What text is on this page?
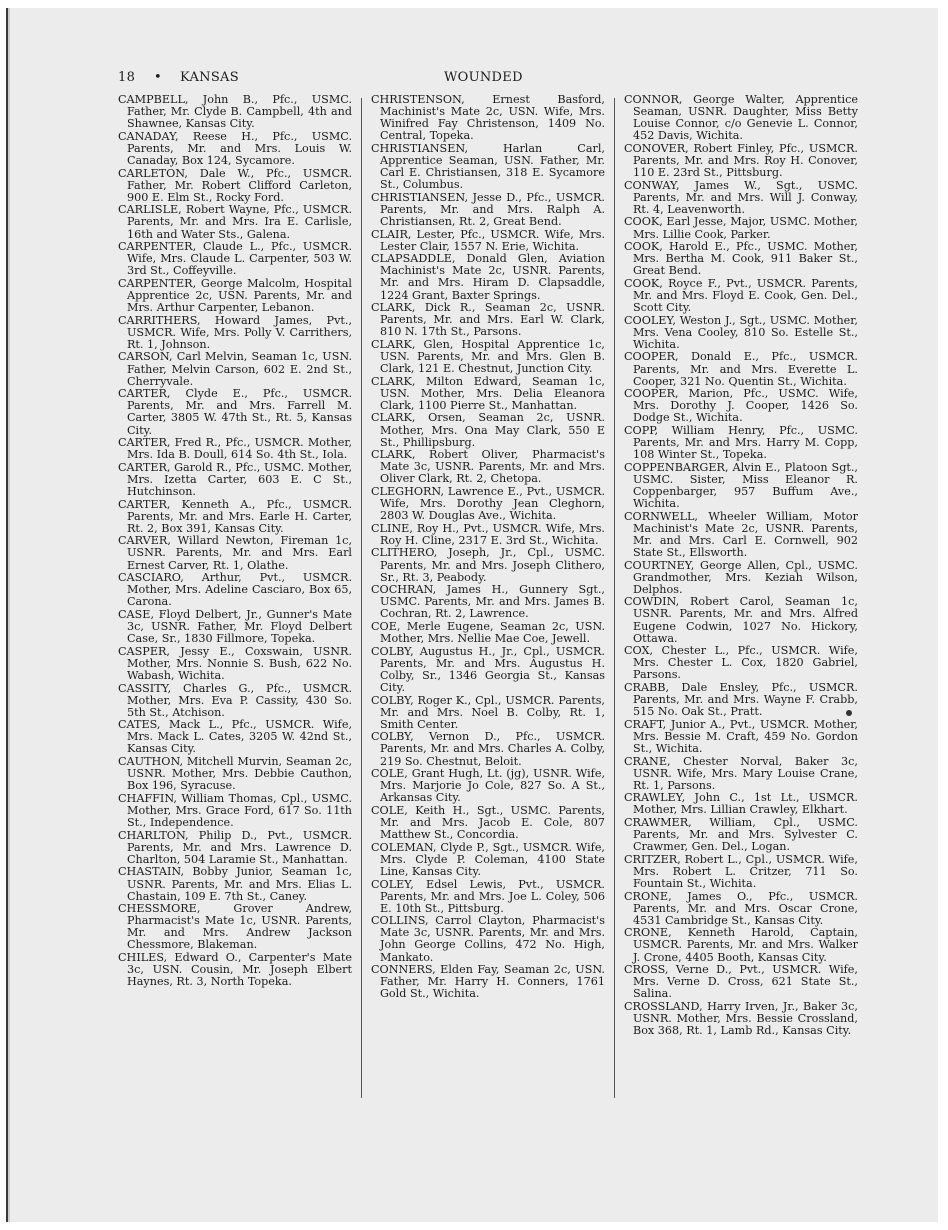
18 • KANSAS	WOUNDED

CAMPBELL, John B., Pfc., USMC. Father, Mr. Clyde B. Campbell, 4th and Shawnee, Kansas City.

CANADAY, Reese H., Pfc., USMC. Parents, Mr. and Mrs. Louis W. Canaday, Box 124, Sycamore.

CARLETON, Dale W., Pfc., USMCR. Father, Mr. Robert Clifford Carleton, 900 E. Elm St., Rocky Ford.

CARLISLE, Robert Wayne, Pfc., USMCR. Parents, Mr. and Mrs. Ira E. Carlisle, 16th and Water Sts., Galena.

CARPENTER, Claude L., Pfc., USMCR. Wife, Mrs. Claude L. Carpenter, 503 W. 3rd St., Coffeyville.

CARPENTER, George Malcolm, Hospital Apprentice 2c, USN. Parents, Mr. and Mrs. Arthur Carpenter, Lebanon.

CARRITHERS, Howard James, Pvt., USMCR. Wife, Mrs. Polly V. Carrithers, Rt. 1, Johnson.

CARSON, Carl Melvin, Seaman 1c, USN. Father, Melvin Carson, 602 E. 2nd St., Cherryvale.

CARTER, Clyde E., Pfc., USMCR. Parents, Mr. and Mrs. Farrell M. Carter, 3805 W. 47th St., Rt. 5, Kansas City.

CARTER, Fred R., Pfc., USMCR. Mother, Mrs. Ida B. Doull, 614 So. 4th St., Iola.

CARTER, Garold R., Pfc., USMC. Mother, Mrs. Izetta Carter, 603 E. C St., Hutchinson.

CARTER, Kenneth A., Pfc., USMCR. Parents, Mr. and Mrs. Earle H. Carter, Rt. 2, Box 391, Kansas City.

CARVER, Willard Newton, Fireman 1c, USNR. Parents, Mr. and Mrs. Earl Ernest Carver, Rt. 1, Olathe.

CASCIARO, Arthur, Pvt., USMCR. Mother, Mrs. Adeline Casciaro, Box 65, Carona.

CASE, Floyd Delbert, Jr., Gunner's Mate 3c, USNR. Father, Mr. Floyd Delbert Case, Sr., 1830 Fillmore, Topeka.

CASPER, Jessy E., Coxswain, USNR. Mother, Mrs. Nonnie S. Bush, 622 No. Wabash, Wichita.

CASSITY, Charles G., Pfc., USMCR. Mother, Mrs. Eva P. Cassity, 430 So. 5th St., Atchison.

CATES, Mack L., Pfc., USMCR. Wife, Mrs. Mack L. Cates, 3205 W. 42nd St., Kansas City.

CAUTHON, Mitchell Murvin, Seaman 2c, USNR. Mother, Mrs. Debbie Cauthon, Box 196, Syracuse.

CHAFFIN, William Thomas, Cpl., USMC. Mother, Mrs. Grace Ford, 617 So. 11th St., Independence.

CHARLTON, Philip D., Pvt., USMCR. Parents, Mr. and Mrs. Lawrence D. Charlton, 504 Laramie St., Manhattan.

CHASTAIN, Bobby Junior, Seaman 1c, USNR. Parents, Mr. and Mrs. Elias L. Chastain, 109 E. 7th St., Caney.

CHESSMORE, Grover Andrew, Pharmacist's Mate 1c, USNR. Parents, Mr. and Mrs. Andrew Jackson Chessmore, Blakeman.

CHILES, Edward O., Carpenter's Mate 3c, USN. Cousin, Mr. Joseph Elbert Haynes, Rt. 3, North Topeka.

CHRISTENSON, Ernest Basford, Machinist's Mate 2c, USN. Wife, Mrs. Winifred Fay Christenson, 1409 No. Central, Topeka.

CHRISTIANSEN, Harlan Carl, Apprentice Seaman, USN. Father, Mr. Carl E. Christiansen, 318 E. Sycamore St., Columbus.

CHRISTIANSEN, Jesse D., Pfc., USMCR. Parents, Mr. and Mrs. Ralph A. Christiansen, Rt. 2, Great Bend.

CLAIR, Lester, Pfc., USMCR. Wife, Mrs. Lester Clair, 1557 N. Erie, Wichita.

CLAPSADDLE, Donald Glen, Aviation Machinist's Mate 2c, USNR. Parents, Mr. and Mrs. Hiram D. Clapsaddle, 1224 Grant, Baxter Springs.

CLARK, Dick R., Seaman 2c, USNR. Parents, Mr. and Mrs. Earl W. Clark, 810 N. 17th St., Parsons.

CLARK, Glen, Hospital Apprentice 1c, USN. Parents, Mr. and Mrs. Glen B. Clark, 121 E. Chestnut, Junction City.

CLARK, Milton Edward, Seaman 1c, USN. Mother, Mrs. Delia Eleanora Clark, 1100 Pierre St., Manhattan.

CLARK, Orsen, Seaman 2c, USNR. Mother, Mrs. Ona May Clark, 550 E St., Phillipsburg.

CLARK, Robert Oliver, Pharmacist's Mate 3c, USNR. Parents, Mr. and Mrs. Oliver Clark, Rt. 2, Chetopa.

CLEGHORN, Lawrence E., Pvt., USMCR. Wife, Mrs. Dorothy Jean Cleghorn, 2803 W. Douglas Ave., Wichita.

CLINE, Roy H., Pvt., USMCR. Wife, Mrs. Roy H. Cline, 2317 E. 3rd St., Wichita.

CLITHERO, Joseph, Jr., Cpl., USMC. Parents, Mr. and Mrs. Joseph Clithero, Sr., Rt. 3, Peabody.

COCHRAN, James H., Gunnery Sgt., USMC. Parents, Mr. and Mrs. James B. Cochran, Rt. 2, Lawrence.

COE, Merle Eugene, Seaman 2c, USN. Mother, Mrs. Nellie Mae Coe, Jewell.

COLBY, Augustus H., Jr., Cpl., USMCR. Parents, Mr. and Mrs. Augustus H. Colby, Sr., 1346 Georgia St., Kansas City.

COLBY, Roger K., Cpl., USMCR. Parents, Mr. and Mrs. Noel B. Colby, Rt. 1, Smith Center.

COLBY, Vernon D., Pfc., USMCR. Parents, Mr. and Mrs. Charles A. Colby, 219 So. Chestnut, Beloit.

COLE, Grant Hugh, Lt. (jg), USNR. Wife, Mrs. Marjorie Jo Cole, 827 So. A St., Arkansas City.

COLE, Keith H., Sgt., USMC. Parents, Mr. and Mrs. Jacob E. Cole, 807 Matthew St., Concordia.

COLEMAN, Clyde P., Sgt., USMCR. Wife, Mrs. Clyde P. Coleman, 4100 State Line, Kansas City.

COLEY, Edsel Lewis, Pvt., USMCR. Parents, Mr. and Mrs. Joe L. Coley, 506 E. 10th St., Pittsburg.

COLLINS, Carrol Clayton, Pharmacist's Mate 3c, USNR. Parents, Mr. and Mrs. John George Collins, 472 No. High, Mankato.

CONNERS, Elden Fay, Seaman 2c, USN. Father, Mr. Harry H. Conners, 1761 Gold St., Wichita.

CONNOR, George Walter, Apprentice Seaman, USNR. Daughter, Miss Betty Louise Connor, c/o Genevie L. Connor, 452 Davis, Wichita.

CONOVER, Robert Finley, Pfc., USMCR. Parents, Mr. and Mrs. Roy H. Conover, 110 E. 23rd St., Pittsburg.

CONWAY, James W., Sgt., USMC. Parents, Mr. and Mrs. Will J. Conway, Rt. 4, Leavenworth.

COOK, Earl Jesse, Major, USMC. Mother, Mrs. Lillie Cook, Parker.

COOK, Harold E., Pfc., USMC. Mother, Mrs. Bertha M. Cook, 911 Baker St., Great Bend.

COOK, Royce F., Pvt., USMCR. Parents, Mr. and Mrs. Floyd E. Cook, Gen. Del., Scott City.

COOLEY, Weston J., Sgt., USMC. Mother, Mrs. Vena Cooley, 810 So. Estelle St., Wichita.

COOPER, Donald E., Pfc., USMCR. Parents, Mr. and Mrs. Everette L. Cooper, 321 No. Quentin St., Wichita.

COOPER, Marion, Pfc., USMC. Wife, Mrs. Dorothy J. Cooper, 1426 So. Dodge St., Wichita.

COPP, William Henry, Pfc., USMC. Parents, Mr. and Mrs. Harry M. Copp, 108 Winter St., Topeka.

COPPENBARGER, Alvin E., Platoon Sgt., USMC. Sister, Miss Eleanor R. Coppenbarger, 957 Buffum Ave., Wichita.

CORNWELL, Wheeler William, Motor Machinist's Mate 2c, USNR. Parents, Mr. and Mrs. Carl E. Cornwell, 902 State St., Ellsworth.

COURTNEY, George Allen, Cpl., USMC. Grandmother, Mrs. Keziah Wilson, Delphos.

COWDIN, Robert Carol, Seaman 1c, USNR. Parents, Mr. and Mrs. Alfred Eugene Codwin, 1027 No. Hickory, Ottawa.

COX, Chester L., Pfc., USMCR. Wife, Mrs. Chester L. Cox, 1820 Gabriel, Parsons.

CRABB, Dale Ensley, Pfc., USMCR. Parents, Mr. and Mrs. Wayne F. Crabb, 515 No. Oak St., Pratt.

CRAFT, Junior A., Pvt., USMCR. Mother, Mrs. Bessie M. Craft, 459 No. Gordon St., Wichita.

CRANE, Chester Norval, Baker 3c, USNR. Wife, Mrs. Mary Louise Crane, Rt. 1, Parsons.

CRAWLEY, John C., 1st Lt., USMCR. Mother, Mrs. Lillian Crawley, Elkhart.

CRAWMER, William, Cpl., USMC. Parents, Mr. and Mrs. Sylvester C. Crawmer, Gen. Del., Logan.

CRITZER, Robert L., Cpl., USMCR. Wife, Mrs. Robert L. Critzer, 711 So. Fountain St., Wichita.

CRONE, James O., Pfc., USMCR. Parents, Mr. and Mrs. Oscar Crone, 4531 Cambridge St., Kansas City.

CRONE, Kenneth Harold, Captain, USMCR. Parents, Mr. and Mrs. Walker J. Crone, 4405 Booth, Kansas City.

CROSS, Verne D., Pvt., USMCR. Wife, Mrs. Verne D. Cross, 621 State St., Salina.

CROSSLAND, Harry Irven, Jr., Baker 3c, USNR. Mother, Mrs. Bessie Crossland, Box 368, Rt. 1, Lamb Rd., Kansas City.
